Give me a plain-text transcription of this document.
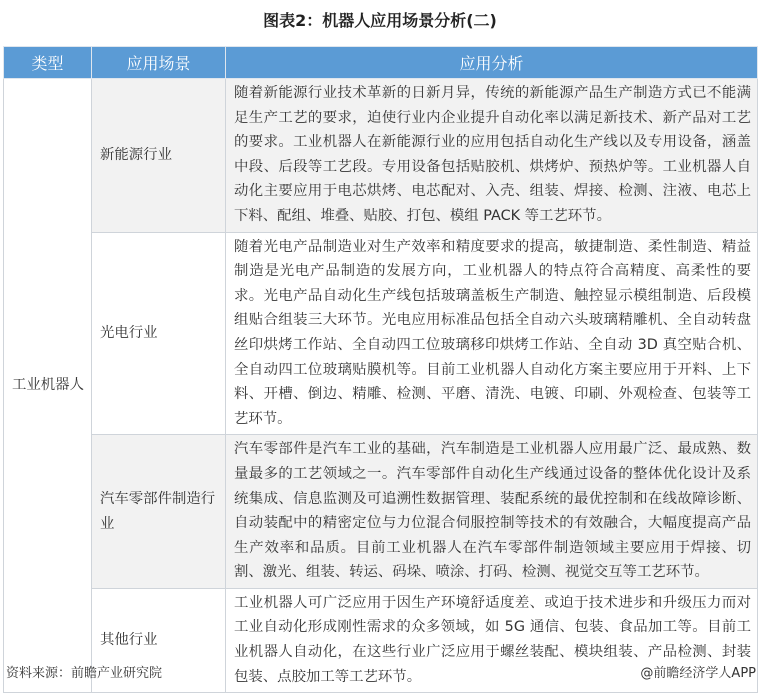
图表2：机器人应用场景分析(二)
类型	应用场景	应用分析
工业机器人	新能源行业	随着新能源行业技术革新的日新月异，传统的新能源产品生产制造方式已不能满足生产工艺的要求，迫使行业内企业提升自动化率以满足新技术、新产品对工艺的要求。工业机器人在新能源行业的应用包括自动化生产线以及专用设备，涵盖中段、后段等工艺段。专用设备包括贴胶机、烘烤炉、预热炉等。工业机器人自动化主要应用于电芯烘烤、电芯配对、入壳、组装、焊接、检测、注液、电芯上下料、配组、堆叠、贴胶、打包、模组 PACK 等工艺环节。
	光电行业	随着光电产品制造业对生产效率和精度要求的提高，敏捷制造、柔性制造、精益制造是光电产品制造的发展方向，工业机器人的特点符合高精度、高柔性的要求。光电产品自动化生产线包括玻璃盖板生产制造、触控显示模组制造、后段模组贴合组装三大环节。光电应用标准品包括全自动六头玻璃精雕机、全自动转盘丝印烘烤工作站、全自动四工位玻璃移印烘烤工作站、全自动 3D 真空贴合机、全自动四工位玻璃贴膜机等。目前工业机器人自动化方案主要应用于开料、上下料、开槽、倒边、精雕、检测、平磨、清洗、电镀、印刷、外观检查、包装等工艺环节。
	汽车零部件制造行业	汽车零部件是汽车工业的基础，汽车制造是工业机器人应用最广泛、最成熟、数量最多的工艺领域之一。汽车零部件自动化生产线通过设备的整体优化设计及系统集成、信息监测及可追溯性数据管理、装配系统的最优控制和在线故障诊断、自动装配中的精密定位与力位混合伺服控制等技术的有效融合，大幅度提高产品生产效率和品质。目前工业机器人在汽车零部件制造领域主要应用于焊接、切割、激光、组装、转运、码垛、喷涂、打码、检测、视觉交互等工艺环节。
	其他行业	工业机器人可广泛应用于因生产环境舒适度差、或迫于技术进步和升级压力而对工业自动化形成刚性需求的众多领域，如 5G 通信、包装、食品加工等。目前工业机器人自动化，在这些行业广泛应用于螺丝装配、模块组装、产品检测、封装包装、点胶加工等工艺环节。
资料来源：前瞻产业研究院	@前瞻经济学人APP
